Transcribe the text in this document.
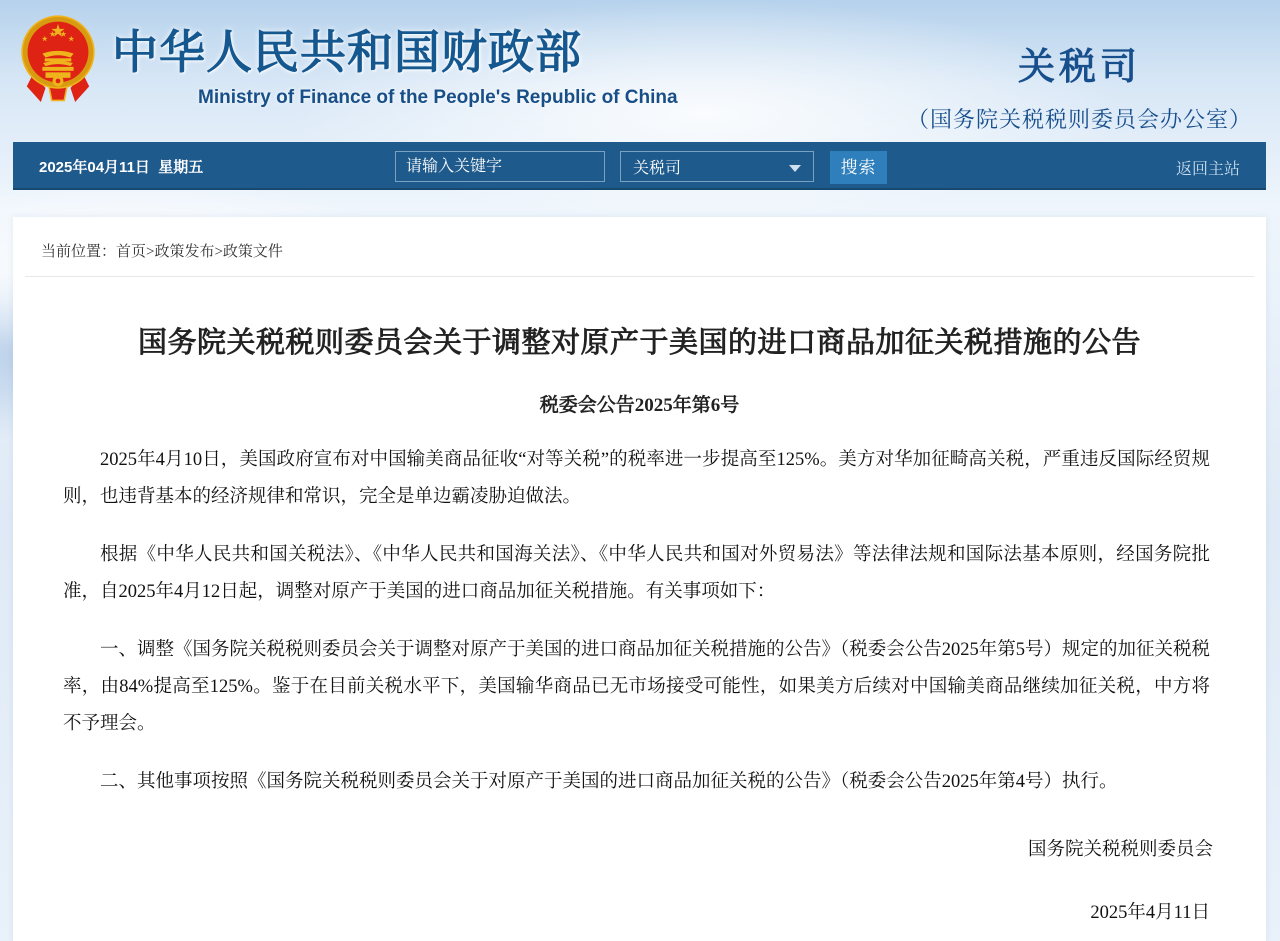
中华人民共和国财政部
Ministry of Finance of the People's Republic of China
关税司
（国务院关税税则委员会办公室）
2025年04月11日  星期五
请输入关键字	关税司	搜索	返回主站
当前位置：首页>政策发布>政策文件
国务院关税税则委员会关于调整对原产于美国的进口商品加征关税措施的公告
税委会公告2025年第6号

2025年4月10日，美国政府宣布对中国输美商品征收“对等关税”的税率进一步提高至125%。美方对华加征畸高关税，严重违反国际经贸规则，也违背基本的经济规律和常识，完全是单边霸凌胁迫做法。

根据《中华人民共和国关税法》、《中华人民共和国海关法》、《中华人民共和国对外贸易法》等法律法规和国际法基本原则，经国务院批准，自2025年4月12日起，调整对原产于美国的进口商品加征关税措施。有关事项如下：

一、调整《国务院关税税则委员会关于调整对原产于美国的进口商品加征关税措施的公告》（税委会公告2025年第5号）规定的加征关税税率，由84%提高至125%。鉴于在目前关税水平下，美国输华商品已无市场接受可能性，如果美方后续对中国输美商品继续加征关税，中方将不予理会。

二、其他事项按照《国务院关税税则委员会关于对原产于美国的进口商品加征关税的公告》（税委会公告2025年第4号）执行。

国务院关税税则委员会
2025年4月11日
